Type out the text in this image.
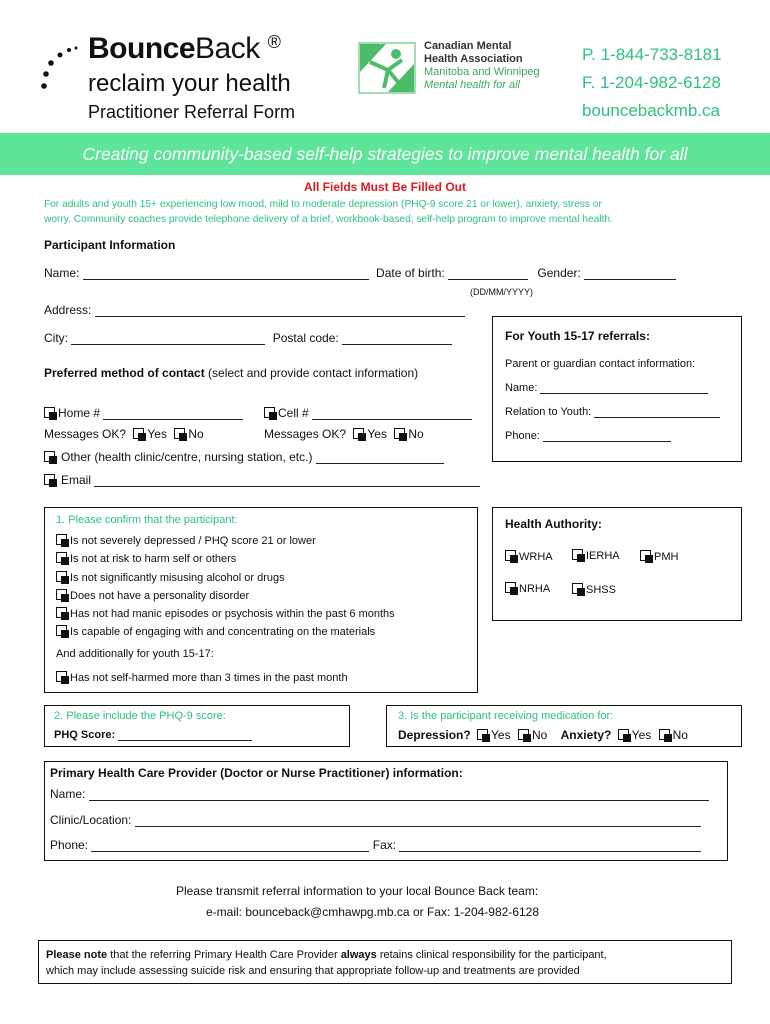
BounceBack ®
reclaim your health
Practitioner Referral Form
Canadian Mental
Health Association
Manitoba and Winnipeg
Mental health for all
P. 1-844-733-8181
F. 1-204-982-6128
bouncebackmb.ca
Creating community-based self-help strategies to improve mental health for all
All Fields Must Be Filled Out
For adults and youth 15+ experiencing low mood, mild to moderate depression (PHQ-9 score 21 or lower), anxiety, stress or
worry. Community coaches provide telephone delivery of a brief, workbook-based, self-help program to improve mental health.
Participant Information
Name:	Date of birth:	Gender:
(DD/MM/YYYY)
Address:
City:	Postal code:
Preferred method of contact (select and provide contact information)
Home #	Cell #
Messages OK? Yes No	Messages OK? Yes No
Other (health clinic/centre, nursing station, etc.)
Email
For Youth 15-17 referrals:
Parent or guardian contact information:
Name:
Relation to Youth:
Phone:
1. Please confirm that the participant:
Is not severely depressed / PHQ score 21 or lower
Is not at risk to harm self or others
Is not significantly misusing alcohol or drugs
Does not have a personality disorder
Has not had manic episodes or psychosis within the past 6 months
Is capable of engaging with and concentrating on the materials
And additionally for youth 15-17:
Has not self-harmed more than 3 times in the past month
Health Authority:
WRHA	IERHA	PMH
NRHA	SHSS
2. Please include the PHQ-9 score:
PHQ Score:
3. Is the participant receiving medication for:
Depression? Yes No Anxiety? Yes No
Primary Health Care Provider (Doctor or Nurse Practitioner) information:
Name:
Clinic/Location:
Phone:	Fax:
Please transmit referral information to your local Bounce Back team:
e-mail: bounceback@cmhawpg.mb.ca or Fax: 1-204-982-6128
Please note that the referring Primary Health Care Provider always retains clinical responsibility for the participant,
which may include assessing suicide risk and ensuring that appropriate follow-up and treatments are provided
